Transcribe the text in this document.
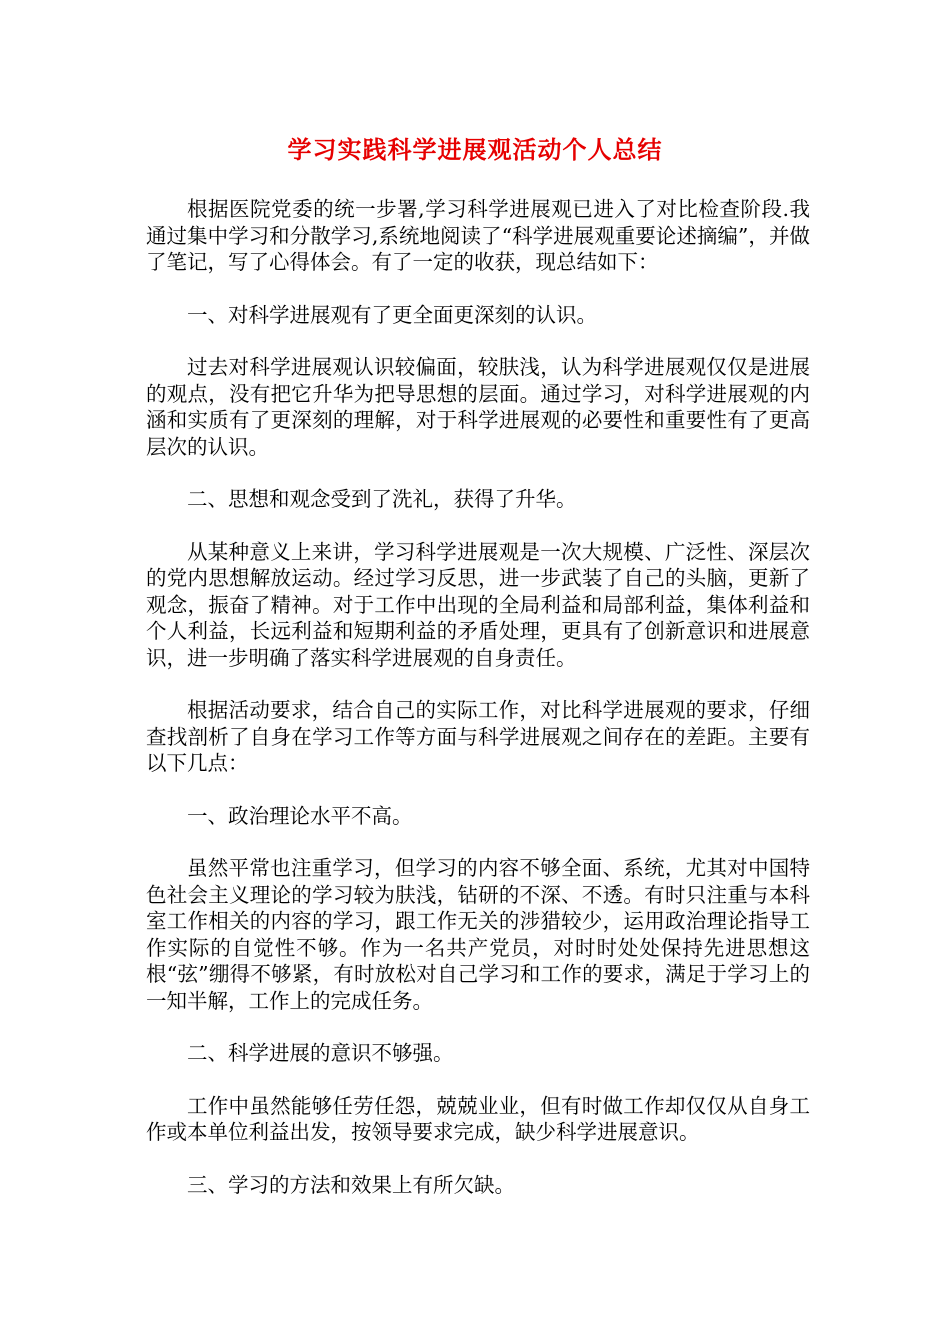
学习实践科学进展观活动个人总结

根据医院党委的统一步署,学习科学进展观已进入了对比检查阶段.我通过集中学习和分散学习,系统地阅读了“科学进展观重要论述摘编”，并做了笔记，写了心得体会。有了一定的收获，现总结如下：

一、对科学进展观有了更全面更深刻的认识。

过去对科学进展观认识较偏面，较肤浅，认为科学进展观仅仅是进展的观点，没有把它升华为把导思想的层面。通过学习，对科学进展观的内涵和实质有了更深刻的理解，对于科学进展观的必要性和重要性有了更高层次的认识。

二、思想和观念受到了洗礼，获得了升华。

从某种意义上来讲，学习科学进展观是一次大规模、广泛性、深层次的党内思想解放运动。经过学习反思，进一步武装了自己的头脑，更新了观念，振奋了精神。对于工作中出现的全局利益和局部利益，集体利益和个人利益，长远利益和短期利益的矛盾处理，更具有了创新意识和进展意识，进一步明确了落实科学进展观的自身责任。

根据活动要求，结合自己的实际工作，对比科学进展观的要求，仔细查找剖析了自身在学习工作等方面与科学进展观之间存在的差距。主要有以下几点：

一、政治理论水平不高。

虽然平常也注重学习，但学习的内容不够全面、系统，尤其对中国特色社会主义理论的学习较为肤浅，钻研的不深、不透。有时只注重与本科室工作相关的内容的学习，跟工作无关的涉猎较少，运用政治理论指导工作实际的自觉性不够。作为一名共产党员，对时时处处保持先进思想这根“弦”绷得不够紧，有时放松对自己学习和工作的要求，满足于学习上的一知半解，工作上的完成任务。

二、科学进展的意识不够强。

工作中虽然能够任劳任怨，兢兢业业，但有时做工作却仅仅从自身工作或本单位利益出发，按领导要求完成，缺少科学进展意识。

三、学习的方法和效果上有所欠缺。
